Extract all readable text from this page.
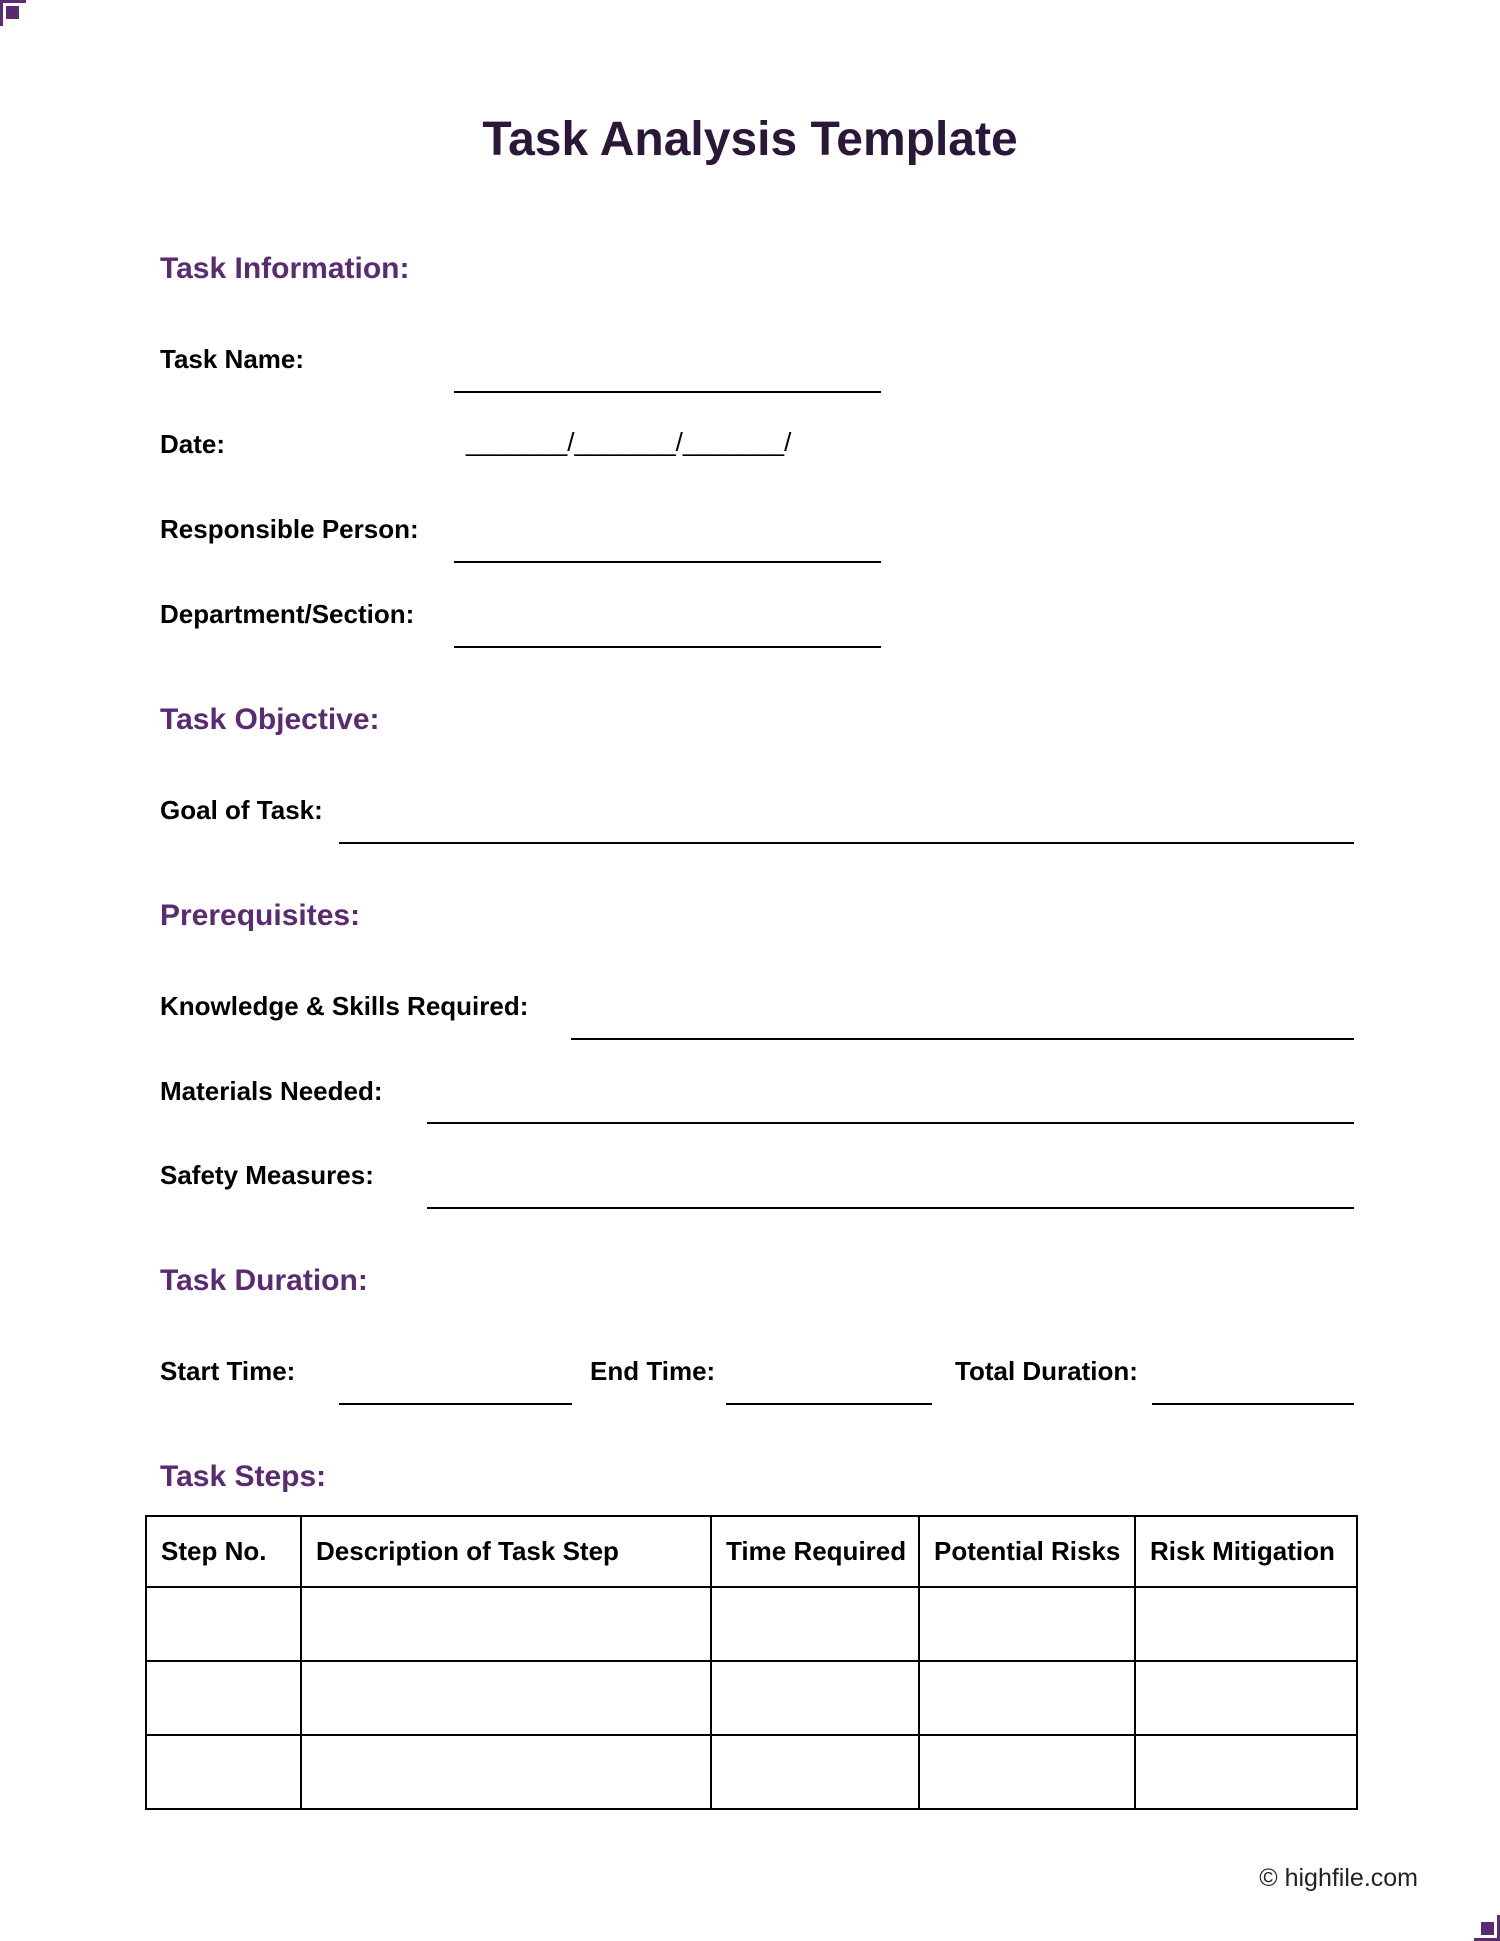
Task Analysis Template
Task Information:
Task Name:
Date:	_______/_______/_______/
Responsible Person:
Department/Section:
Task Objective:
Goal of Task:
Prerequisites:
Knowledge & Skills Required:
Materials Needed:
Safety Measures:
Task Duration:
Start Time:	End Time:	Total Duration:
Task Steps:
Step No.	Description of Task Step	Time Required	Potential Risks	Risk Mitigation

© highfile.com
